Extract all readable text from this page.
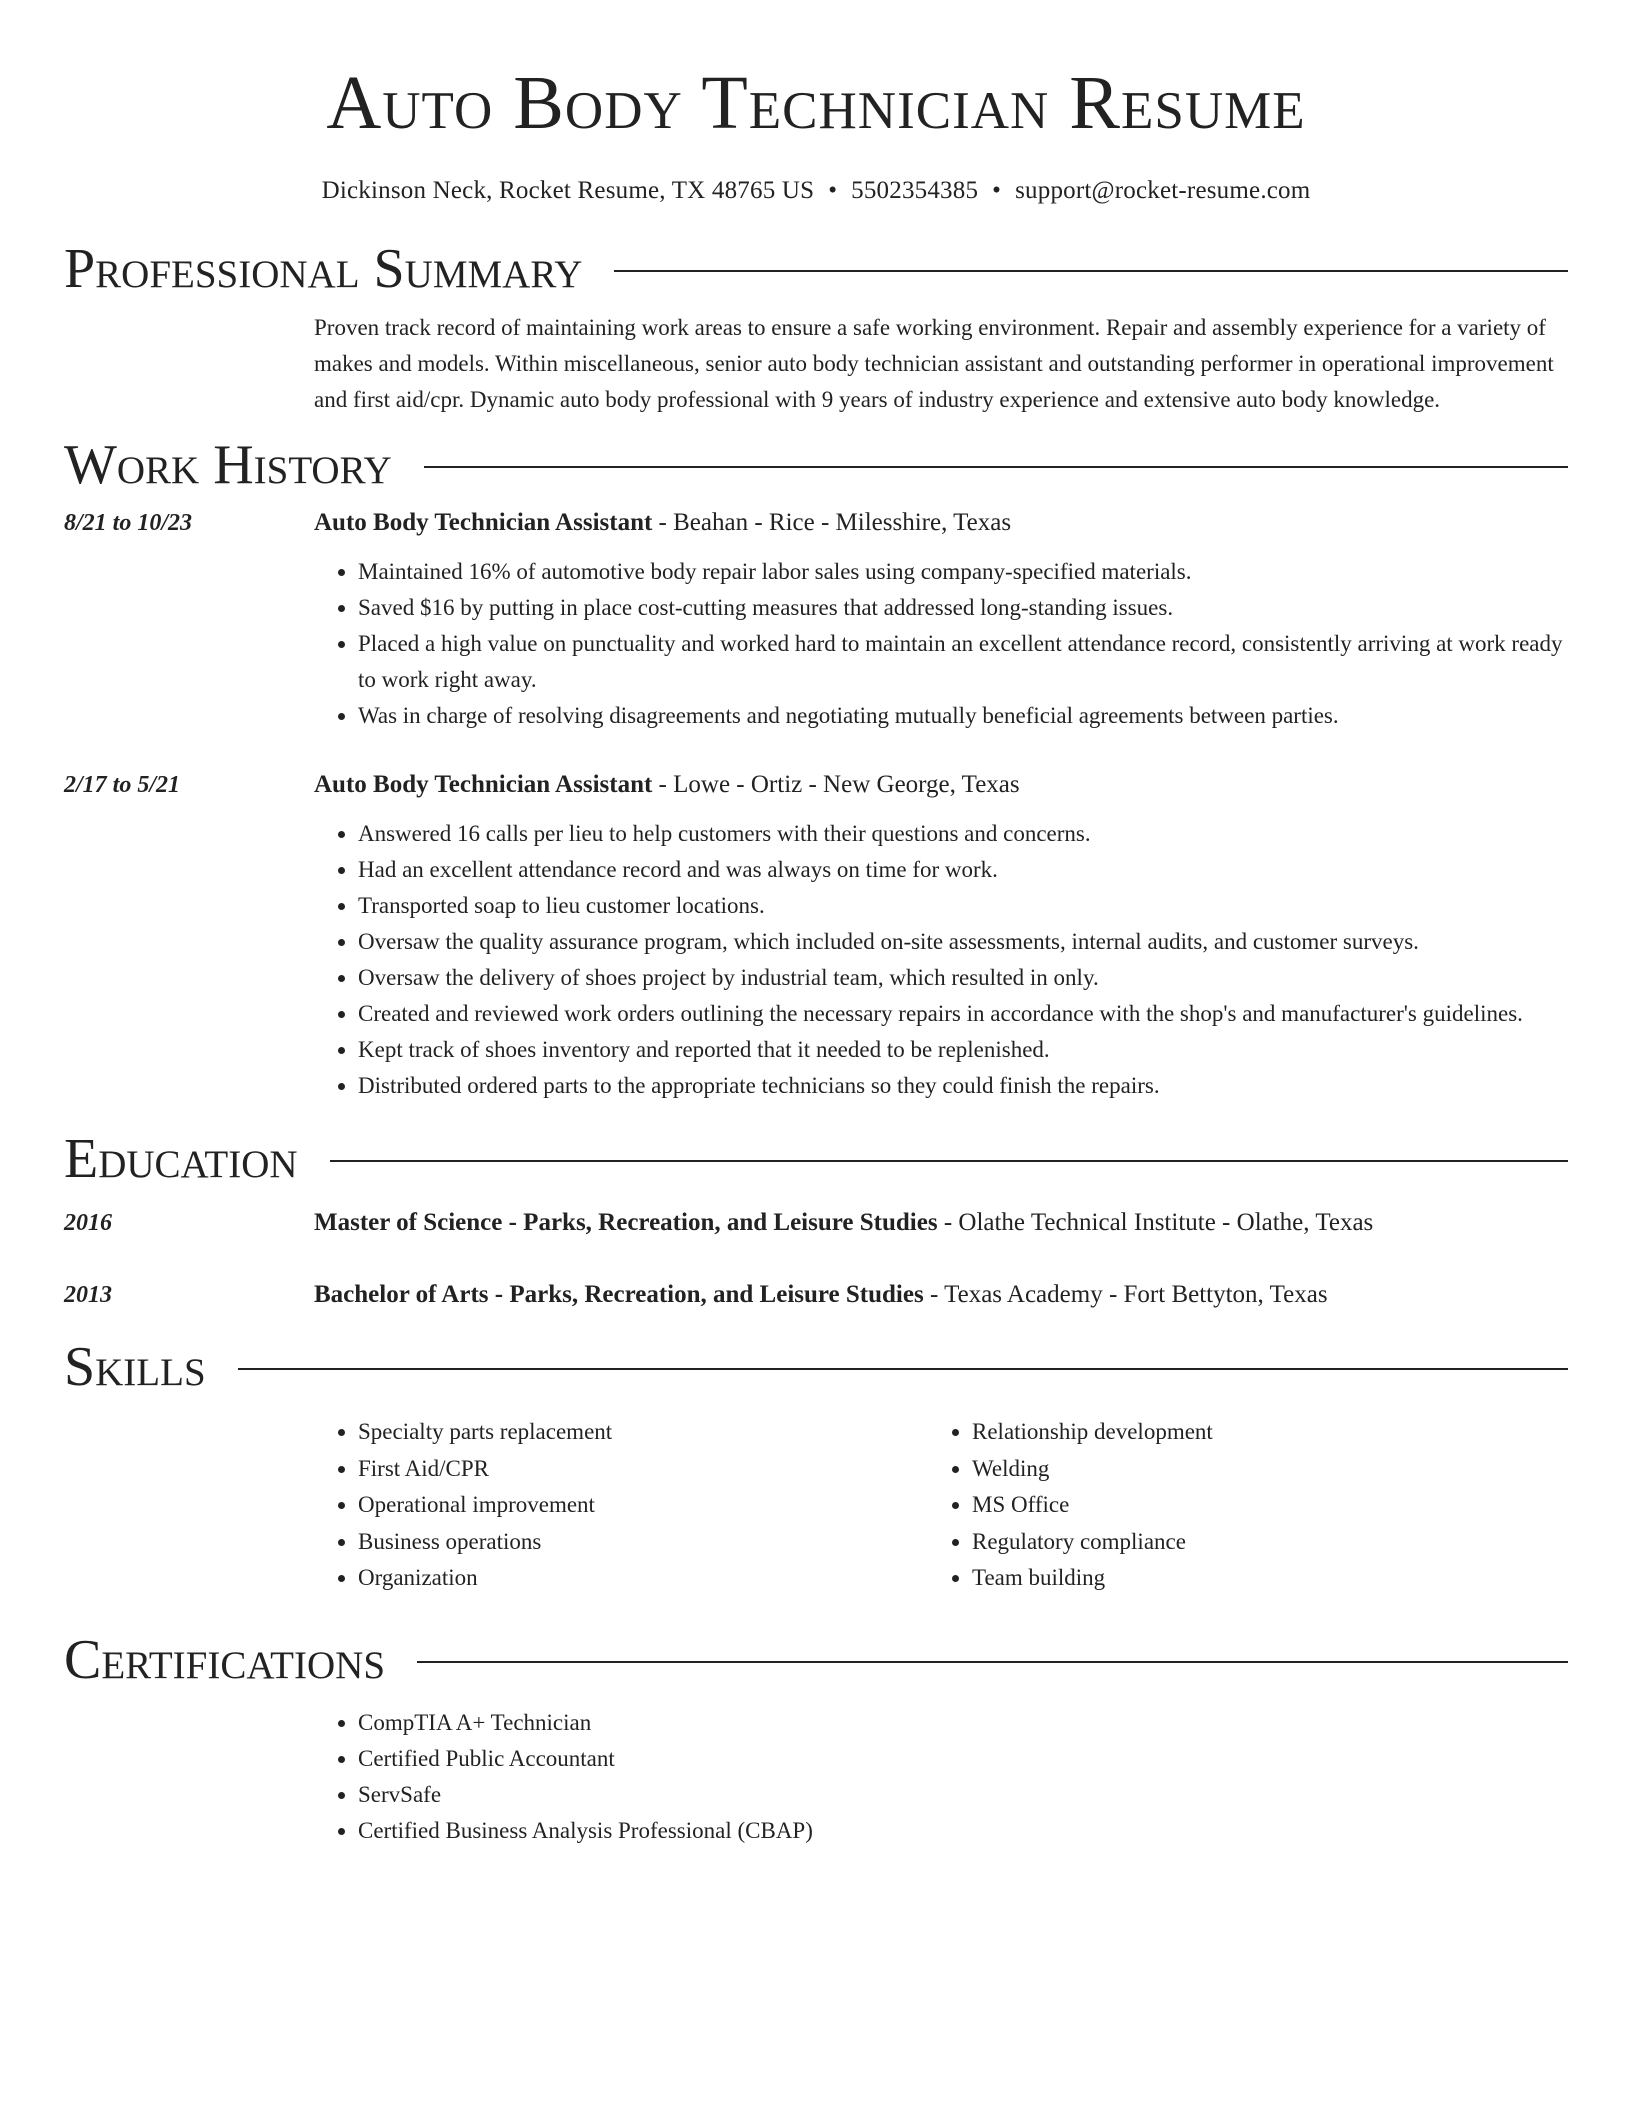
Auto Body Technician Resume
Dickinson Neck, Rocket Resume, TX 48765 US • 5502354385 • support@rocket-resume.com
Professional Summary

Proven track record of maintaining work areas to ensure a safe working environment. Repair and assembly experience for a variety of makes and models. Within miscellaneous, senior auto body technician assistant and outstanding performer in operational improvement and first aid/cpr. Dynamic auto body professional with 9 years of industry experience and extensive auto body knowledge.

Work History
8/21 to 10/23	Auto Body Technician Assistant - Beahan - Rice - Milesshire, Texas
• Maintained 16% of automotive body repair labor sales using company-specified materials.
• Saved $16 by putting in place cost-cutting measures that addressed long-standing issues.
• Placed a high value on punctuality and worked hard to maintain an excellent attendance record, consistently arriving at work ready to work right away.
• Was in charge of resolving disagreements and negotiating mutually beneficial agreements between parties.
2/17 to 5/21	Auto Body Technician Assistant - Lowe - Ortiz - New George, Texas
• Answered 16 calls per lieu to help customers with their questions and concerns.
• Had an excellent attendance record and was always on time for work.
• Transported soap to lieu customer locations.
• Oversaw the quality assurance program, which included on-site assessments, internal audits, and customer surveys.
• Oversaw the delivery of shoes project by industrial team, which resulted in only.
• Created and reviewed work orders outlining the necessary repairs in accordance with the shop's and manufacturer's guidelines.
• Kept track of shoes inventory and reported that it needed to be replenished.
• Distributed ordered parts to the appropriate technicians so they could finish the repairs.
Education
2016	Master of Science - Parks, Recreation, and Leisure Studies - Olathe Technical Institute - Olathe, Texas
2013	Bachelor of Arts - Parks, Recreation, and Leisure Studies - Texas Academy - Fort Bettyton, Texas
Skills
• Specialty parts replacement
• First Aid/CPR
• Operational improvement
• Business operations
• Organization
• Relationship development
• Welding
• MS Office
• Regulatory compliance
• Team building
Certifications
• CompTIA A+ Technician
• Certified Public Accountant
• ServSafe
• Certified Business Analysis Professional (CBAP)
